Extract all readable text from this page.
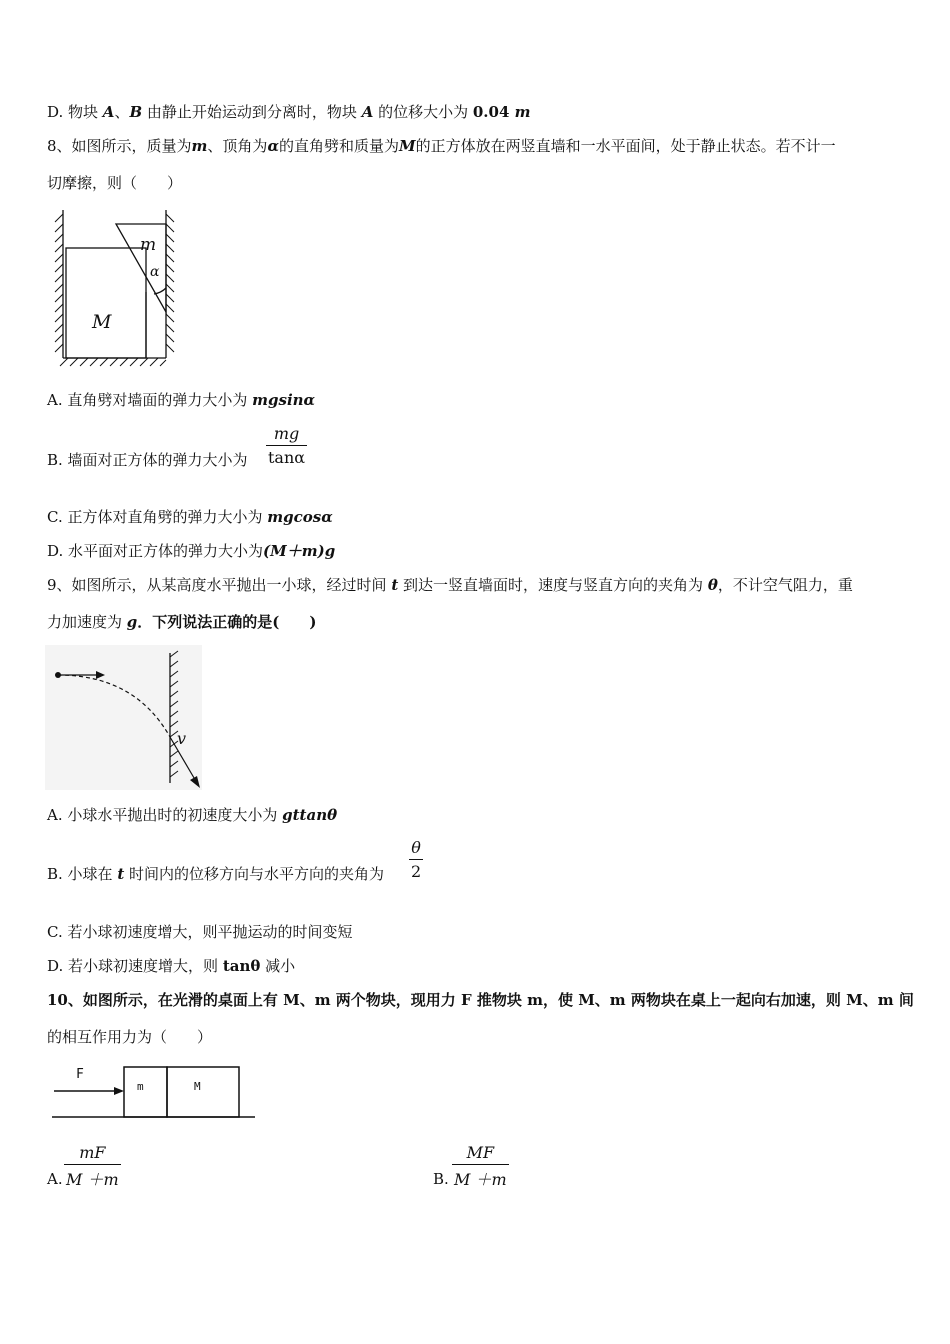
D. 物块 A、B 由静止开始运动到分离时，物块 A 的位移大小为 0.04 m
8、如图所示，质量为m、顶角为α的直角劈和质量为M的正方体放在两竖直墙和一水平面间，处于静止状态。若不计一
切摩擦，则（　　）
m
α
M
A. 直角劈对墙面的弹力大小为 mgsinα
B. 墙面对正方体的弹力大小为
mg
tanα
C. 正方体对直角劈的弹力大小为 mgcosα
D. 水平面对正方体的弹力大小为(M＋m)g
9、如图所示，从某高度水平抛出一小球，经过时间 t 到达一竖直墙面时，速度与竖直方向的夹角为 θ，不计空气阻力，重
力加速度为 g．下列说法正确的是(　　)
v
A. 小球水平抛出时的初速度大小为 gttanθ
B. 小球在 t 时间内的位移方向与水平方向的夹角为
θ
2
C. 若小球初速度增大，则平抛运动的时间变短
D. 若小球初速度增大，则 tanθ 减小
10、如图所示，在光滑的桌面上有 M、m 两个物块，现用力 F 推物块 m，使 M、m 两物块在桌上一起向右加速，则 M、m 间
的相互作用力为（　　）
F
m	M
A.
mF
M ＋m	B.
MF
M ＋m
